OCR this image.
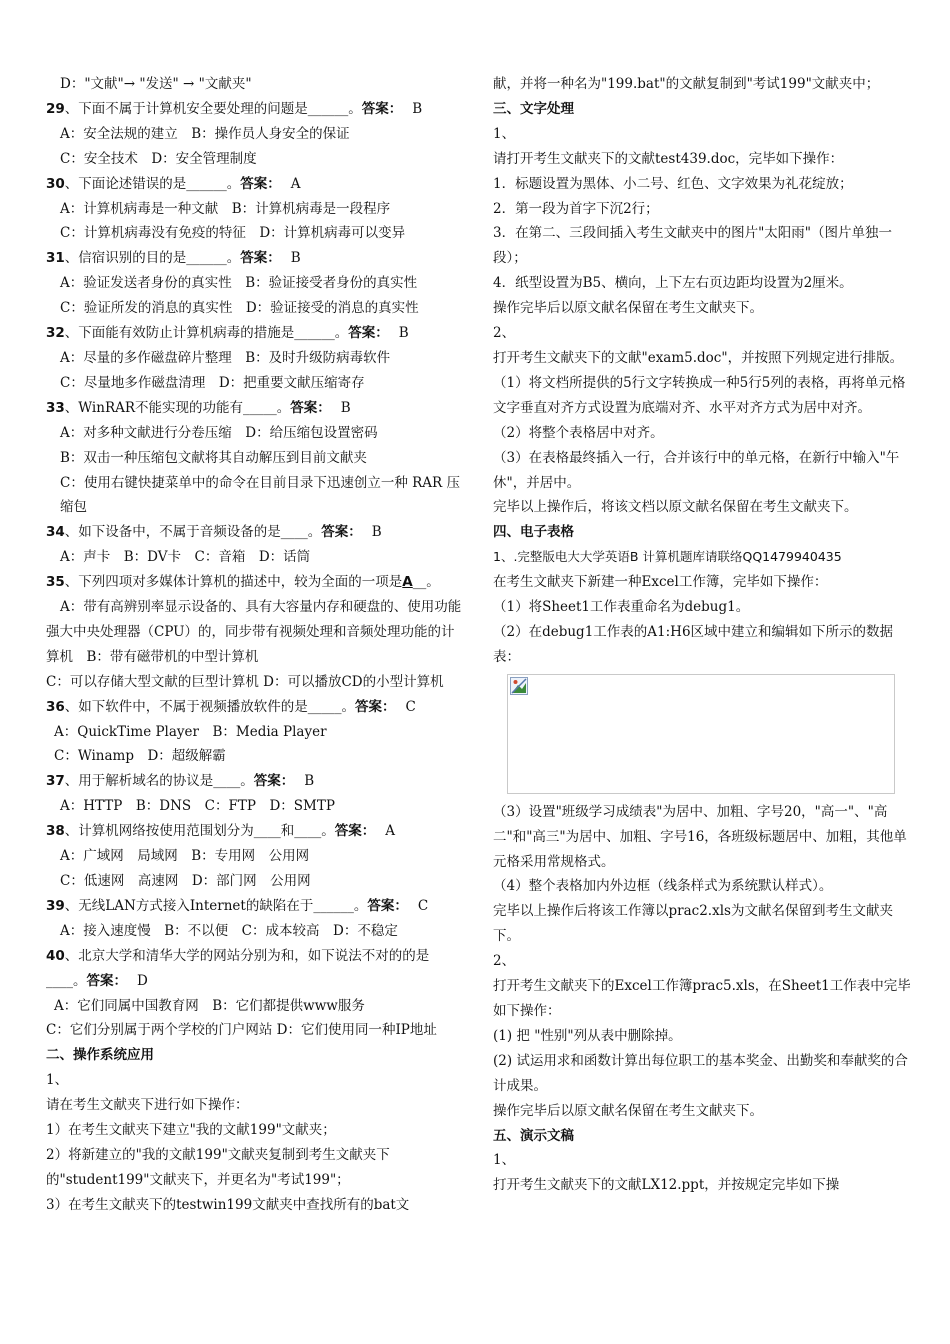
D："文献"→ "发送" → "文献夹"
29、下面不属于计算机安全要处理的问题是______。答案： B
A：安全法规的建立　B：操作员人身安全的保证
C：安全技术　D：安全管理制度
30、下面论述错误的是______。答案： A
A：计算机病毒是一种文献　B：计算机病毒是一段程序
C：计算机病毒没有免疫的特征　D：计算机病毒可以变异
31、信宿识别的目的是______。答案： B
A：验证发送者身份的真实性　B：验证接受者身份的真实性
C：验证所发的消息的真实性　D：验证接受的消息的真实性
32、下面能有效防止计算机病毒的措施是______。答案： B
A：尽量的多作磁盘碎片整理　B：及时升级防病毒软件
C：尽量地多作磁盘清理　D：把重要文献压缩寄存
33、WinRAR不能实现的功能有_____。答案： B
A：对多种文献进行分卷压缩　D：给压缩包设置密码
B：双击一种压缩包文献将其自动解压到目前文献夹
C：使用右键快捷菜单中的命令在目前目录下迅速创立一种 RAR 压缩包
34、如下设备中，不属于音频设备的是____。答案： B
A：声卡　B：DV卡　C：音箱　D：话筒
35、下列四项对多媒体计算机的描述中，较为全面的一项是A__。
A：带有高辨别率显示设备的、具有大容量内存和硬盘的、使用功能强大中央处理器（CPU）的，同步带有视频处理和音频处理功能的计算机　B：带有磁带机的中型计算机
C：可以存储大型文献的巨型计算机 D：可以播放CD的小型计算机
36、如下软件中，不属于视频播放软件的是_____。答案： C
A：QuickTime Player　B：Media Player
C：Winamp　D：超级解霸
37、用于解析域名的协议是____。答案： B
A：HTTP　B：DNS　C：FTP　D：SMTP
38、计算机网络按使用范围划分为____和____。答案： A
A：广域网　局域网　B：专用网　公用网
C：低速网　高速网　D：部门网　公用网
39、无线LAN方式接入Internet的缺陷在于______。答案： C
A：接入速度慢　B：不以便　C：成本较高　D：不稳定
40、北京大学和清华大学的网站分别为和，如下说法不对的的是____。答案： D
A：它们同属中国教育网　B：它们都提供www服务
C：它们分别属于两个学校的门户网站 D：它们使用同一种IP地址
二、操作系统应用
1、
请在考生文献夹下进行如下操作：
1）在考生文献夹下建立"我的文献199"文献夹；
2）将新建立的"我的文献199"文献夹复制到考生文献夹下的"student199"文献夹下，并更名为"考试199"；
3）在考生文献夹下的testwin199文献夹中查找所有的bat文
献，并将一种名为"199.bat"的文献复制到"考试199"文献夹中；
三、文字处理
1、
请打开考生文献夹下的文献test439.doc，完毕如下操作：
1．标题设置为黑体、小二号、红色、文字效果为礼花绽放；
2．第一段为首字下沉2行；
3．在第二、三段间插入考生文献夹中的图片"太阳雨"（图片单独一段）；
4．纸型设置为B5、横向，上下左右页边距均设置为2厘米。
操作完毕后以原文献名保留在考生文献夹下。
2、
打开考生文献夹下的文献"exam5.doc"，并按照下列规定进行排版。
（1）将文档所提供的5行文字转换成一种5行5列的表格，再将单元格文字垂直对齐方式设置为底端对齐、水平对齐方式为居中对齐。
（2）将整个表格居中对齐。
（3）在表格最终插入一行，合并该行中的单元格，在新行中输入"午休"，并居中。
完毕以上操作后，将该文档以原文献名保留在考生文献夹下。
四、电子表格
1、.完整版电大大学英语B 计算机题库请联络QQ1479940435
在考生文献夹下新建一种Excel工作簿，完毕如下操作：
（1）将Sheet1工作表重命名为debug1。
（2）在debug1工作表的A1:H6区域中建立和编辑如下所示的数据表：
（3）设置"班级学习成绩表"为居中、加粗、字号20，"高一"、"高二"和"高三"为居中、加粗、字号16，各班级标题居中、加粗，其他单元格采用常规格式。
（4）整个表格加内外边框（线条样式为系统默认样式）。
完毕以上操作后将该工作簿以prac2.xls为文献名保留到考生文献夹下。
2、
打开考生文献夹下的Excel工作簿prac5.xls，在Sheet1工作表中完毕如下操作：
(1) 把 "性别"列从表中删除掉。
(2) 试运用求和函数计算出每位职工的基本奖金、出勤奖和奉献奖的合计成果。
操作完毕后以原文献名保留在考生文献夹下。
五、演示文稿
1、
打开考生文献夹下的文献LX12.ppt，并按规定完毕如下操
